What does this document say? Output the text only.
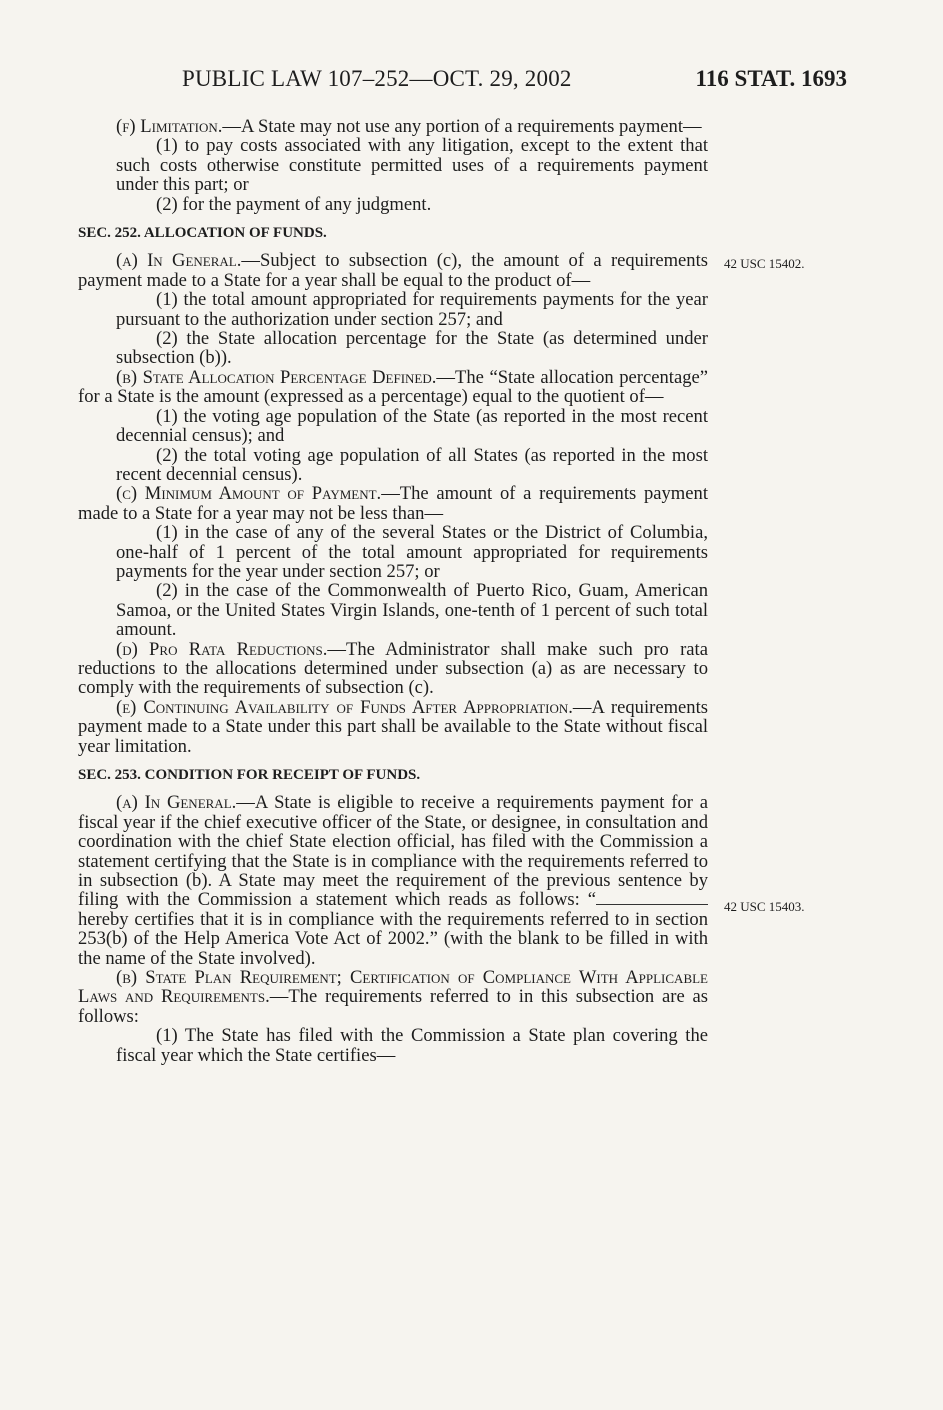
PUBLIC LAW 107–252—OCT. 29, 2002	116 STAT. 1693
42 USC 15402.
42 USC 15403.

(f) Limitation.—A State may not use any portion of a requirements payment—

(1) to pay costs associated with any litigation, except to the extent that such costs otherwise constitute permitted uses of a requirements payment under this part; or

(2) for the payment of any judgment.

SEC. 252. ALLOCATION OF FUNDS.

(a) In General.—Subject to subsection (c), the amount of a requirements payment made to a State for a year shall be equal to the product of—

(1) the total amount appropriated for requirements payments for the year pursuant to the authorization under section 257; and

(2) the State allocation percentage for the State (as determined under subsection (b)).

(b) State Allocation Percentage Defined.—The “State allocation percentage” for a State is the amount (expressed as a percentage) equal to the quotient of—

(1) the voting age population of the State (as reported in the most recent decennial census); and

(2) the total voting age population of all States (as reported in the most recent decennial census).

(c) Minimum Amount of Payment.—The amount of a requirements payment made to a State for a year may not be less than—

(1) in the case of any of the several States or the District of Columbia, one-half of 1 percent of the total amount appropriated for requirements payments for the year under section 257; or

(2) in the case of the Commonwealth of Puerto Rico, Guam, American Samoa, or the United States Virgin Islands, one-tenth of 1 percent of such total amount.

(d) Pro Rata Reductions.—The Administrator shall make such pro rata reductions to the allocations determined under subsection (a) as are necessary to comply with the requirements of subsection (c).

(e) Continuing Availability of Funds After Appropriation.—A requirements payment made to a State under this part shall be available to the State without fiscal year limitation.

SEC. 253. CONDITION FOR RECEIPT OF FUNDS.

(a) In General.—A State is eligible to receive a requirements payment for a fiscal year if the chief executive officer of the State, or designee, in consultation and coordination with the chief State election official, has filed with the Commission a statement certifying that the State is in compliance with the requirements referred to in subsection (b). A State may meet the requirement of the previous sentence by filing with the Commission a statement which reads as follows: “ hereby certifies that it is in compliance with the requirements referred to in section 253(b) of the Help America Vote Act of 2002.” (with the blank to be filled in with the name of the State involved).

(b) State Plan Requirement; Certification of Compliance With Applicable Laws and Requirements.—The requirements referred to in this subsection are as follows:

(1) The State has filed with the Commission a State plan covering the fiscal year which the State certifies—
